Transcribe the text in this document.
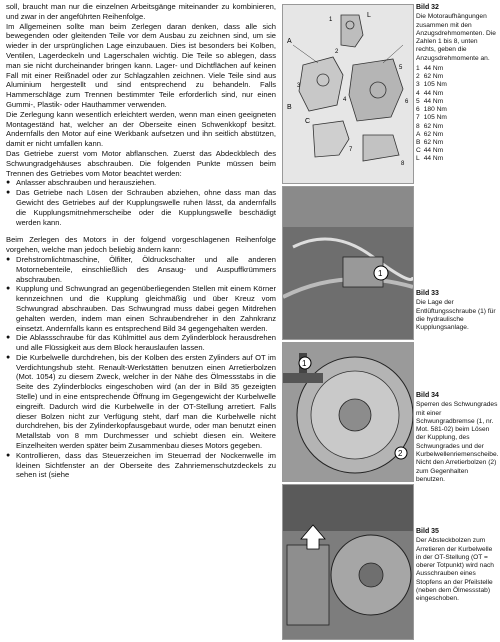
soll, braucht man nur die einzelnen Arbeitsgänge miteinander zu kombinieren, und zwar in der angeführten Reihenfolge.

Im Allgemeinen sollte man beim Zerlegen daran denken, dass alle sich bewegenden oder gleitenden Teile vor dem Ausbau zu zeichnen sind, um sie wieder in der ursprünglichen Lage einzubauen. Dies ist besonders bei Kolben, Ventilen, Lagerdeckeln und Lagerschalen wichtig. Die Teile so ablegen, dass man sie nicht durcheinander bringen kann. Lager- und Dichtflächen auf keinen Fall mit einer Reißnadel oder zur Schlagzahlen zeichnen. Viele Teile sind aus Aluminium hergestellt und sind entsprechend zu behandeln. Falls Hammerschläge zum Trennen bestimmter Teile erforderlich sind, nur einen Gummi-, Plastik- oder Hauthammer verwenden.

Die Zerlegung kann wesentlich erleichtert werden, wenn man einen geeigneten Montageständ hat, welcher an der Oberseite einen Schwenkkopf besitzt. Andernfalls den Motor auf eine Werkbank aufsetzen und ihn seitlich abstützen, damit er nicht umfallen kann.

Das Getriebe zuerst vom Motor abflanschen. Zuerst das Abdeckblech des Schwungradgehäuses abschrauben. Die folgenden Punkte müssen beim Trennen des Getriebes vom Motor beachtet werden:

● Anlasser abschrauben und herausziehen.
● Das Getriebe nach Lösen der Schrauben abziehen, ohne dass man das Gewicht des Getriebes auf der Kupplungswelle ruhen lässt, da andernfalls die Kupplungsmitnehmerscheibe oder die Kupplungswelle beschädigt werden kann.

Beim Zerlegen des Motors in der folgend vorgeschlagenen Reihenfolge vorgehen, welche man jedoch beliebig ändern kann:

● Drehstromlichtmaschine, Ölfilter, Öldruckschalter und alle anderen Motornebenteile, einschließlich des Ansaug- und Auspuffkrümmers abschrauben.
● Kupplung und Schwungrad an gegenüberliegenden Stellen mit einem Körner kennzeichnen und die Kupplung gleichmäßig und über Kreuz vom Schwungrad abschrauben. Das Schwungrad muss dabei gegen Mitdrehen gehalten werden, indem man einen Schraubendreher in den Zahnkranz einsetzt. Andernfalls kann es entsprechend Bild 34 gegengehalten werden.
● Die Ablassschraube für das Kühlmittel aus dem Zylinderblock herausdrehen und alle Flüssigkeit aus dem Block herauslaufen lassen.
● Die Kurbelwelle durchdrehen, bis der Kolben des ersten Zylinders auf OT im Verdichtungshub steht. Renault-Werkstätten benutzen einen Arretierbolzen (Mot. 1054) zu diesem Zweck, welcher in der Nähe des Ölmessstabs in die Seite des Zylinderblocks eingeschoben wird (an der in Bild 35 gezeigten Stelle) und in eine entsprechende Öffnung im Gegengewicht der Kurbelwelle eingreift. Dadurch wird die Kurbelwelle in der OT-Stellung arretiert. Falls dieser Bolzen nicht zur Verfügung steht, darf man die Kurbelwelle nicht durchdrehen, bis der Zylinderkopfausgebaut wurde, oder man benutzt einen Metallstab von 8 mm Durchmesser und schiebt diesen ein. Weitere Einzelheiten werden später beim Zusammenbau dieses Motors gegeben.
● Kontrollieren, dass das Steuerzeichen im Steuerrad der Nockenwelle im kleinen Sichtfenster an der Oberseite des Zahnriemenschutzdeckels zu sehen ist (siehe
A
B
C
L
1
2
3
4
5
6
7
8
Bild 32
Die Motoraufhängungen zusammen mit den Anzugsdrehmomenten. Die Zahlen 1 bis 8, unten rechts, geben die Anzugsdrehmomente an.
1	44 Nm
2	62 Nm
3	105 Nm
4	44 Nm
5	44 Nm
6	180 Nm
7	105 Nm
8	62 Nm
A	62 Nm
B	62 Nm
C	44 Nm
L	44 Nm
1
Bild 33
Die Lage der Entlüftungsschraube (1) für die hydraulische Kupplungsanlage.
1
2
Bild 34
Sperren des Schwungrades mit einer Schwungradbremse (1, nr. Mot. 581-02) beim Lösen der Kupplung, des Schwungrades und der Kurbelwellenriemenscheibe. Nicht den Arretierbolzen (2) zum Gegenhalten benutzen.
Bild 35
Der Absteckbolzen zum Arretieren der Kurbelwelle in der OT-Stellung (OT = oberer Totpunkt) wird nach Ausschrauben eines Stopfens an der Pfeilstelle (neben dem Ölmessstab) eingeschoben.
